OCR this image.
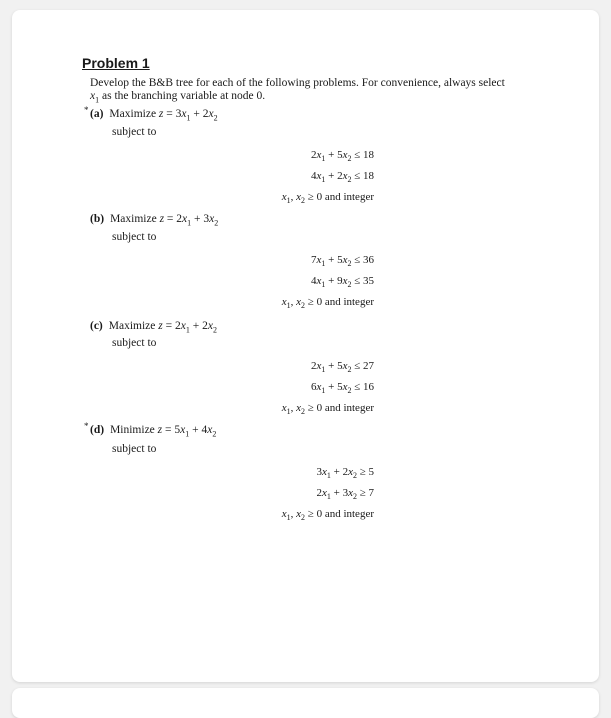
Problem 1
Develop the B&B tree for each of the following problems. For convenience, always select
$x_1$ as the branching variable at node 0.
* (a) Maximize $z = 3x_1 + 2x_2$
subject to
$2x_1 + 5x_2 \le 18$
$4x_1 + 2x_2 \le 18$
$x_1$, $x_2 \ge 0$ and integer
(b) Maximize $z = 2x_1 + 3x_2$
subject to
$7x_1 + 5x_2 \le 36$
$4x_1 + 9x_2 \le 35$
$x_1$, $x_2 \ge 0$ and integer
(c) Maximize $z = 2x_1 + 2x_2$
subject to
$2x_1 + 5x_2 \le 27$
$6x_1 + 5x_2 \le 16$
$x_1$, $x_2 \ge 0$ and integer
* (d) Minimize $z = 5x_1 + 4x_2$
subject to
$3x_1 + 2x_2 \ge 5$
$2x_1 + 3x_2 \ge 7$
$x_1$, $x_2 \ge 0$ and integer
